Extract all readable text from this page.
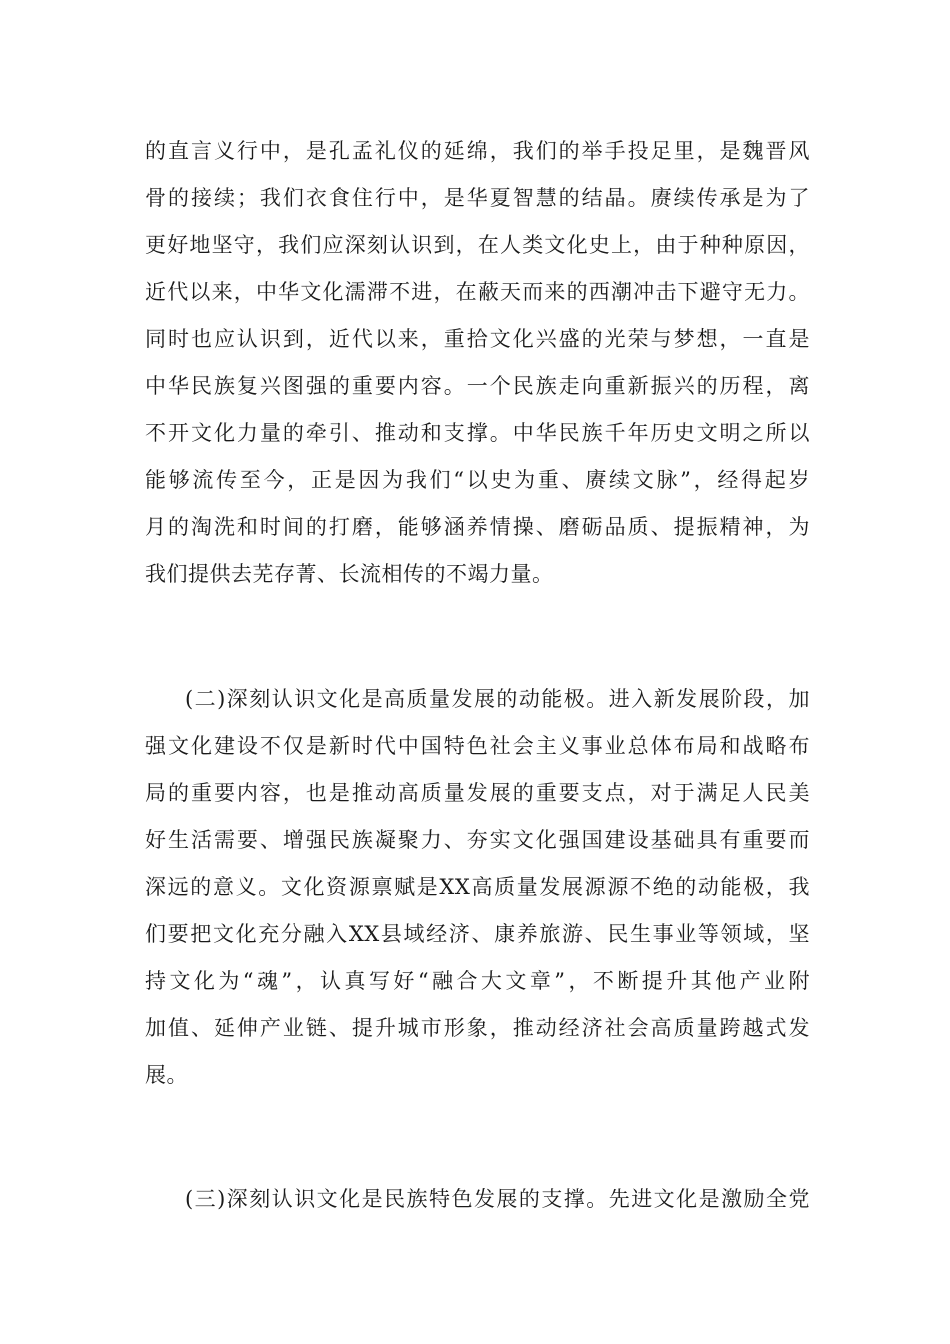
的直言义行中，是孔孟礼仪的延绵，我们的举手投足里，是魏晋风
骨的接续；我们衣食住行中，是华夏智慧的结晶。赓续传承是为了
更好地坚守，我们应深刻认识到，在人类文化史上，由于种种原因，
近代以来，中华文化濡滞不进，在蔽天而来的西潮冲击下避守无力。
同时也应认识到，近代以来，重拾文化兴盛的光荣与梦想，一直是
中华民族复兴图强的重要内容。一个民族走向重新振兴的历程，离
不开文化力量的牵引、推动和支撑。中华民族千年历史文明之所以
能够流传至今，正是因为我们“以史为重、赓续文脉”，经得起岁
月的淘洗和时间的打磨，能够涵养情操、磨砺品质、提振精神，为
我们提供去芜存菁、长流相传的不竭力量。
(二)深刻认识文化是高质量发展的动能极。进入新发展阶段，加
强文化建设不仅是新时代中国特色社会主义事业总体布局和战略布
局的重要内容，也是推动高质量发展的重要支点，对于满足人民美
好生活需要、增强民族凝聚力、夯实文化强国建设基础具有重要而
深远的意义。文化资源禀赋是XX高质量发展源源不绝的动能极，我
们要把文化充分融入XX县域经济、康养旅游、民生事业等领域，坚
持文化为“魂”，认真写好“融合大文章”，不断提升其他产业附
加值、延伸产业链、提升城市形象，推动经济社会高质量跨越式发
展。
(三)深刻认识文化是民族特色发展的支撑。先进文化是激励全党
